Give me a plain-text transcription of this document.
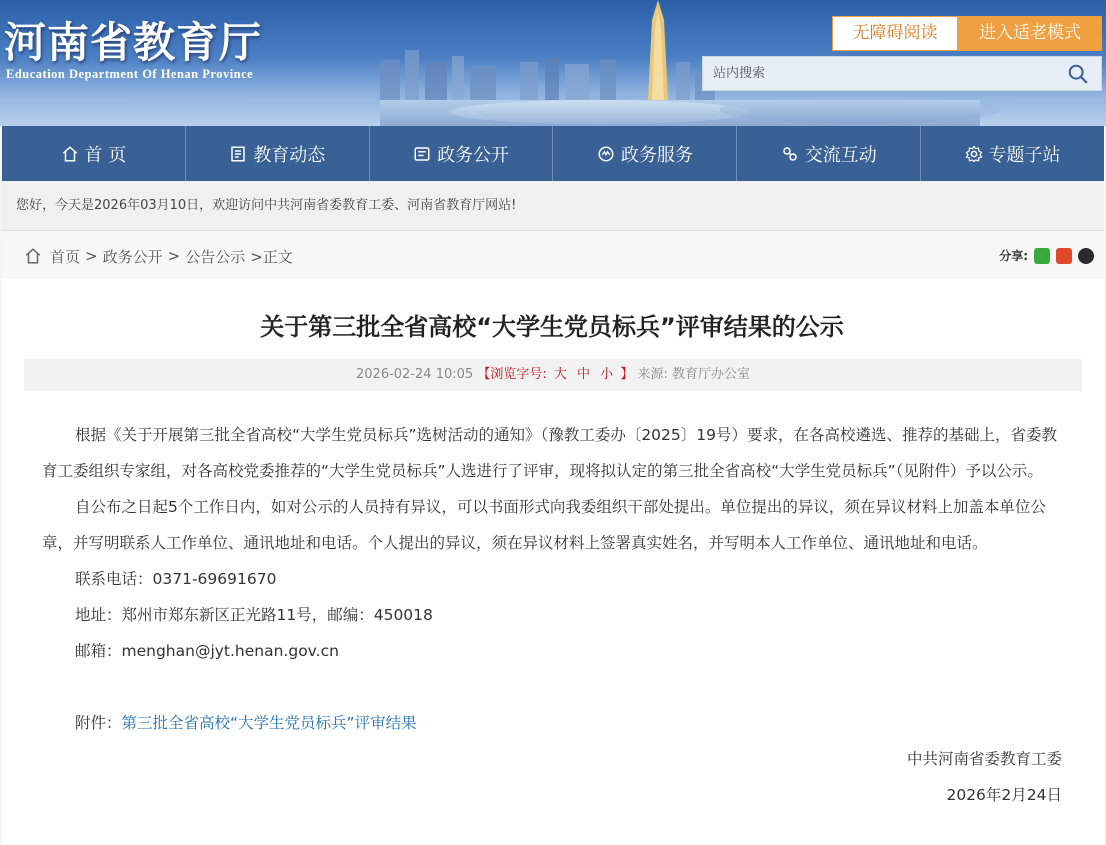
河南省教育厅
Education Department Of Henan Province
无障碍阅读	进入适老模式
站内搜索
首 页	教育动态	政务公开	政务服务	交流互动	专题子站
您好，今天是2026年03月10日，欢迎访问中共河南省委教育工委、河南省教育厅网站!
首页 > 政务公开 > 公告公示 >正文	分享:
关于第三批全省高校“大学生党员标兵”评审结果的公示
2026-02-24 10:05 【浏览字号: 大 中 小 】 来源: 教育厅办公室

根据《关于开展第三批全省高校“大学生党员标兵”选树活动的通知》（豫教工委办〔2025〕19号）要求，在各高校遴选、推荐的基础上，省委教育工委组织专家组，对各高校党委推荐的“大学生党员标兵”人选进行了评审，现将拟认定的第三批全省高校“大学生党员标兵”（见附件）予以公示。

自公布之日起5个工作日内，如对公示的人员持有异议，可以书面形式向我委组织干部处提出。单位提出的异议，须在异议材料上加盖本单位公章，并写明联系人工作单位、通讯地址和电话。个人提出的异议，须在异议材料上签署真实姓名，并写明本人工作单位、通讯地址和电话。

联系电话：0371-69691670

地址：郑州市郑东新区正光路11号，邮编：450018

邮箱：menghan@jyt.henan.gov.cn

附件：第三批全省高校“大学生党员标兵”评审结果

中共河南省委教育工委
2026年2月24日
